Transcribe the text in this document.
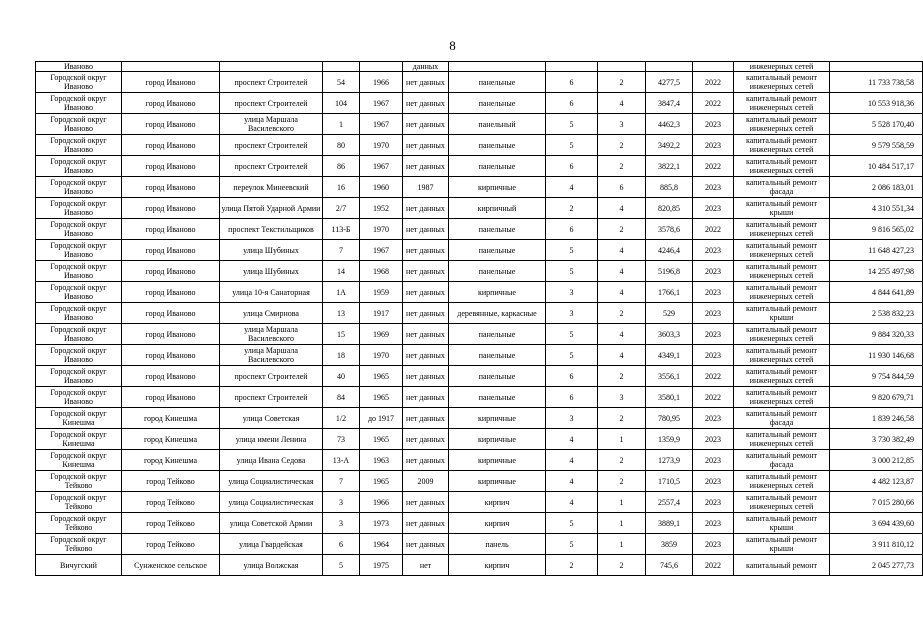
8
Иваново					данных						инженерных сетей	
Городской округ Иваново	город Иваново	проспект Строителей	54	1966	нет данных	панельные	6	2	4277,5	2022	капитальный ремонт инженерных сетей	11 733 738,58
Городской округ Иваново	город Иваново	проспект Строителей	104	1967	нет данных	панельные	6	4	3847,4	2022	капитальный ремонт инженерных сетей	10 553 918,36
Городской округ Иваново	город Иваново	улица Маршала Василевского	1	1967	нет данных	панельный	5	3	4462,3	2023	капитальный ремонт инженерных сетей	5 528 170,40
Городской округ Иваново	город Иваново	проспект Строителей	80	1970	нет данных	панельные	5	2	3492,2	2023	капитальный ремонт инженерных сетей	9 579 558,59
Городской округ Иваново	город Иваново	проспект Строителей	86	1967	нет данных	панельные	6	2	3822,1	2022	капитальный ремонт инженерных сетей	10 484 517,17
Городской округ Иваново	город Иваново	переулок Минеевский	16	1960	1987	кирпичные	4	6	885,8	2023	капитальный ремонт фасада	2 086 183,01
Городской округ Иваново	город Иваново	улица Пятой Ударной Армии	2/7	1952	нет данных	кирпичный	2	4	820,85	2023	капитальный ремонт крыши	4 310 551,34
Городской округ Иваново	город Иваново	проспект Текстильщиков	113-Б	1970	нет данных	панельные	6	2	3578,6	2022	капитальный ремонт инженерных сетей	9 816 565,02
Городской округ Иваново	город Иваново	улица Шубиных	7	1967	нет данных	панельные	5	4	4246,4	2023	капитальный ремонт инженерных сетей	11 648 427,23
Городской округ Иваново	город Иваново	улица Шубиных	14	1968	нет данных	панельные	5	4	5196,8	2023	капитальный ремонт инженерных сетей	14 255 497,98
Городской округ Иваново	город Иваново	улица 10-я Санаторная	1А	1959	нет данных	кирпичные	3	4	1766,1	2023	капитальный ремонт инженерных сетей	4 844 641,89
Городской округ Иваново	город Иваново	улица Смирнова	13	1917	нет данных	деревянные, каркасные	3	2	529	2023	капитальный ремонт крыши	2 538 832,23
Городской округ Иваново	город Иваново	улица Маршала Василевского	15	1969	нет данных	панельные	5	4	3603,3	2023	капитальный ремонт инженерных сетей	9 884 320,33
Городской округ Иваново	город Иваново	улица Маршала Василевского	18	1970	нет данных	панельные	5	4	4349,1	2023	капитальный ремонт инженерных сетей	11 930 146,68
Городской округ Иваново	город Иваново	проспект Строителей	40	1965	нет данных	панельные	6	2	3556,1	2022	капитальный ремонт инженерных сетей	9 754 844,59
Городской округ Иваново	город Иваново	проспект Строителей	84	1965	нет данных	панельные	6	3	3580,1	2022	капитальный ремонт инженерных сетей	9 820 679,71
Городской округ Кинешма	город Кинешма	улица Советская	1/2	до 1917	нет данных	кирпичные	3	2	780,95	2023	капитальный ремонт фасада	1 839 246,58
Городской округ Кинешма	город Кинешма	улица имени Ленина	73	1965	нет данных	кирпичные	4	1	1359,9	2023	капитальный ремонт инженерных сетей	3 730 382,49
Городской округ Кинешма	город Кинешма	улица Ивана Седова	13-А	1963	нет данных	кирпичные	4	2	1273,9	2023	капитальный ремонт фасада	3 000 212,85
Городской округ Тейково	город Тейково	улица Социалистическая	7	1965	2009	кирпичные	4	2	1710,5	2023	капитальный ремонт инженерных сетей	4 482 123,87
Городской округ Тейково	город Тейково	улица Социалистическая	3	1966	нет данных	кирпич	4	1	2557,4	2023	капитальный ремонт инженерных сетей	7 015 280,66
Городской округ Тейково	город Тейково	улица Советской Армии	3	1973	нет данных	кирпич	5	1	3889,1	2023	капитальный ремонт крыши	3 694 439,60
Городской округ Тейково	город Тейково	улица Гвардейская	6	1964	нет данных	панель	5	1	3859	2023	капитальный ремонт крыши	3 911 810,12
Вичугский	Сунженское сельское	улица Волжская	5	1975	нет	кирпич	2	2	745,6	2022	капитальный ремонт	2 045 277,73
